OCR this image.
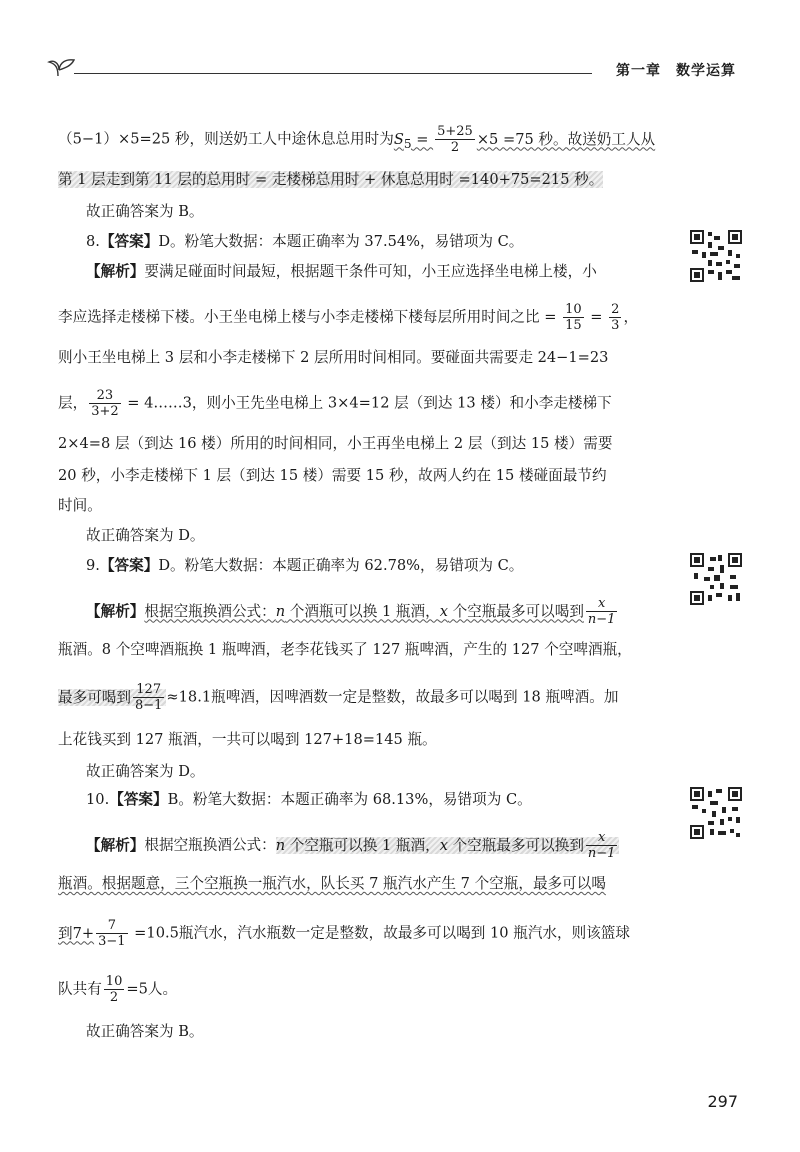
第一章　数学运算
（5−1）×5=25 秒，则送奶工人中途休息总用时为$S_5 = \frac{5+25}{2} \times 5 =75$ 秒。故送奶工人从
第 1 层走到第 11 层的总用时 = 走楼梯总用时 + 休息总用时 =140+75=215 秒。
故正确答案为 B。
8.【答案】D。粉笔大数据：本题正确率为 37.54%，易错项为 C。
【解析】要满足碰面时间最短，根据题干条件可知，小王应选择坐电梯上楼，小
李应选择走楼梯下楼。小王坐电梯上楼与小李走楼梯下楼每层所用时间之比 = $\frac{10}{15} = \frac{2}{3}$ ，
则小王坐电梯上 3 层和小李走楼梯下 2 层所用时间相同。要碰面共需要走 24−1=23
层， $\frac{23}{3+2}$ = 4……3，则小王先坐电梯上 3×4=12 层（到达 13 楼）和小李走楼梯下
2×4=8 层（到达 16 楼）所用的时间相同，小王再坐电梯上 2 层（到达 15 楼）需要
20 秒，小李走楼梯下 1 层（到达 15 楼）需要 15 秒，故两人约在 15 楼碰面最节约
时间。
故正确答案为 D。
9.【答案】D。粉笔大数据：本题正确率为 62.78%，易错项为 C。
【解析】根据空瓶换酒公式：n 个酒瓶可以换 1 瓶酒，x 个空瓶最多可以喝到 $\frac{x}{n-1}$
瓶酒。8 个空啤酒瓶换 1 瓶啤酒，老李花钱买了 127 瓶啤酒，产生的 127 个空啤酒瓶，
最多可喝到 $\frac{127}{8-1} \approx 18.1$瓶啤酒，因啤酒数一定是整数，故最多可以喝到 18 瓶啤酒。加
上花钱买到 127 瓶酒，一共可以喝到 127+18=145 瓶。
故正确答案为 D。
10.【答案】B。粉笔大数据：本题正确率为 68.13%，易错项为 C。
【解析】根据空瓶换酒公式：n 个空瓶可以换 1 瓶酒，x 个空瓶最多可以换到 $\frac{x}{n-1}$
瓶酒。根据题意，三个空瓶换一瓶汽水，队长买 7 瓶汽水产生 7 个空瓶，最多可以喝
到$7+ \frac{7}{3-1} =10.5$瓶汽水，汽水瓶数一定是整数，故最多可以喝到 10 瓶汽水，则该篮球
队共有 $\frac{10}{2} =5$人。
故正确答案为 B。
297
